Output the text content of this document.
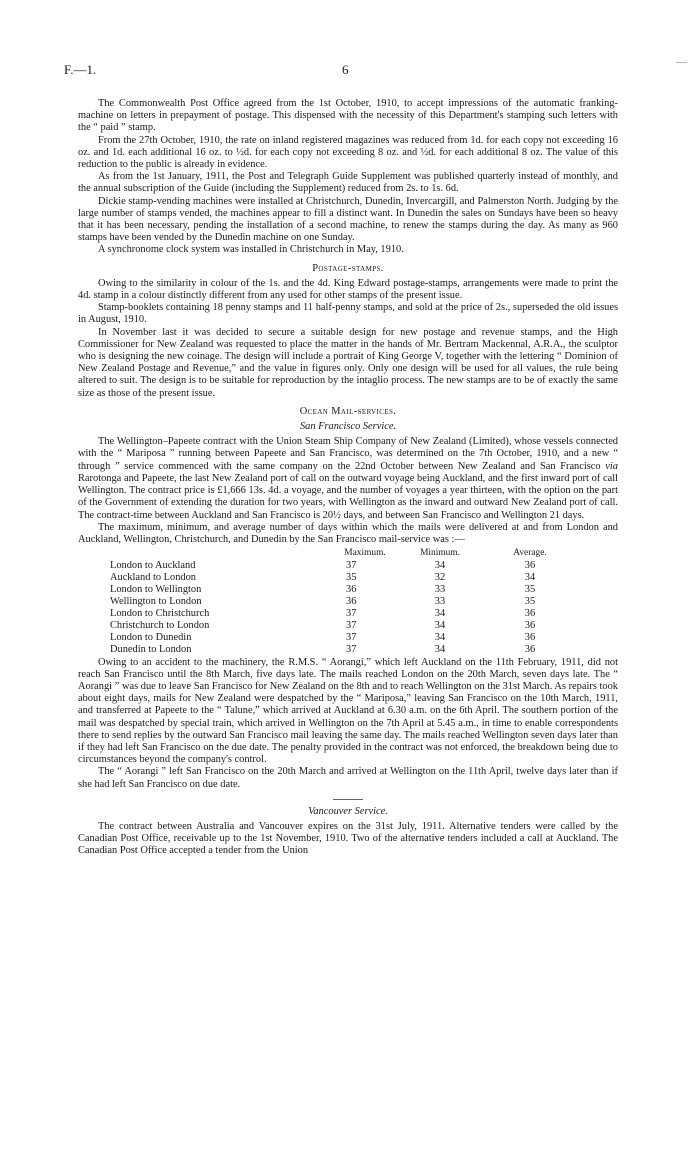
F.—1.	6	—

The Commonwealth Post Office agreed from the 1st October, 1910, to accept impressions of the automatic franking-machine on letters in prepayment of postage. This dispensed with the necessity of this Department's stamping such letters with the “ paid ” stamp.

From the 27th October, 1910, the rate on inland registered magazines was reduced from 1d. for each copy not exceeding 16 oz. and 1d. each additional 16 oz. to ½d. for each copy not exceeding 8 oz. and ½d. for each additional 8 oz. The value of this reduction to the public is already in evidence.

As from the 1st January, 1911, the Post and Telegraph Guide Supplement was published quarterly instead of monthly, and the annual subscription of the Guide (including the Supplement) reduced from 2s. to 1s. 6d.

Dickie stamp-vending machines were installed at Christchurch, Dunedin, Invercargill, and Palmerston North. Judging by the large number of stamps vended, the machines appear to fill a distinct want. In Dunedin the sales on Sundays have been so heavy that it has been necessary, pending the installation of a second machine, to renew the stamps during the day. As many as 960 stamps have been vended by the Dunedin machine on one Sunday.

A synchronome clock system was installed in Christchurch in May, 1910.

Postage-stamps.

Owing to the similarity in colour of the 1s. and the 4d. King Edward postage-stamps, arrangements were made to print the 4d. stamp in a colour distinctly different from any used for other stamps of the present issue.

Stamp-booklets containing 18 penny stamps and 11 half-penny stamps, and sold at the price of 2s., superseded the old issues in August, 1910.

In November last it was decided to secure a suitable design for new postage and revenue stamps, and the High Commissioner for New Zealand was requested to place the matter in the hands of Mr. Bertram Mackennal, A.R.A., the sculptor who is designing the new coinage. The design will include a portrait of King George V, together with the lettering “ Dominion of New Zealand Postage and Revenue,” and the value in figures only. Only one design will be used for all values, the rule being altered to suit. The design is to be suitable for reproduction by the intaglio process. The new stamps are to be of exactly the same size as those of the present issue.

Ocean Mail-services.
San Francisco Service.

The Wellington–Papeete contract with the Union Steam Ship Company of New Zealand (Limited), whose vessels connected with the “ Mariposa ” running between Papeete and San Francisco, was determined on the 7th October, 1910, and a new “ through ” service commenced with the same company on the 22nd October between New Zealand and San Francisco via Rarotonga and Papeete, the last New Zealand port of call on the outward voyage being Auckland, and the first inward port of call Wellington. The contract price is £1,666 13s. 4d. a voyage, and the number of voyages a year thirteen, with the option on the part of the Government of extending the duration for two years, with Wellington as the inward and outward New Zealand port of call. The contract-time between Auckland and San Francisco is 20½ days, and between San Francisco and Wellington 21 days.

The maximum, minimum, and average number of days within which the mails were delivered at and from London and Auckland, Wellington, Christchurch, and Dunedin by the San Francisco mail-service was :—

	Maximum.	Minimum.	Average.
London to Auckland	37	34	36
Auckland to London	35	32	34
London to Wellington	36	33	35
Wellington to London	36	33	35
London to Christchurch	37	34	36
Christchurch to London	37	34	36
London to Dunedin	37	34	36
Dunedin to London	37	34	36

Owing to an accident to the machinery, the R.M.S. “ Aorangi,” which left Auckland on the 11th February, 1911, did not reach San Francisco until the 8th March, five days late. The mails reached London on the 20th March, seven days late. The “ Aorangi ” was due to leave San Francisco for New Zealand on the 8th and to reach Wellington on the 31st March. As repairs took about eight days, mails for New Zealand were despatched by the “ Mariposa,” leaving San Francisco on the 10th March, 1911, and transferred at Papeete to the “ Talune,” which arrived at Auckland at 6.30 a.m. on the 6th April. The southern portion of the mail was despatched by special train, which arrived in Wellington on the 7th April at 5.45 a.m., in time to enable correspondents there to send replies by the outward San Francisco mail leaving the same day. The mails reached Wellington seven days later than if they had left San Francisco on the due date. The penalty provided in the contract was not enforced, the breakdown being due to circumstances beyond the company's control.

The “ Aorangi ” left San Francisco on the 20th March and arrived at Wellington on the 11th April, twelve days later than if she had left San Francisco on due date.

Vancouver Service.

The contract between Australia and Vancouver expires on the 31st July, 1911. Alternative tenders were called by the Canadian Post Office, receivable up to the 1st November, 1910. Two of the alternative tenders included a call at Auckland. The Canadian Post Office accepted a tender from the Union
